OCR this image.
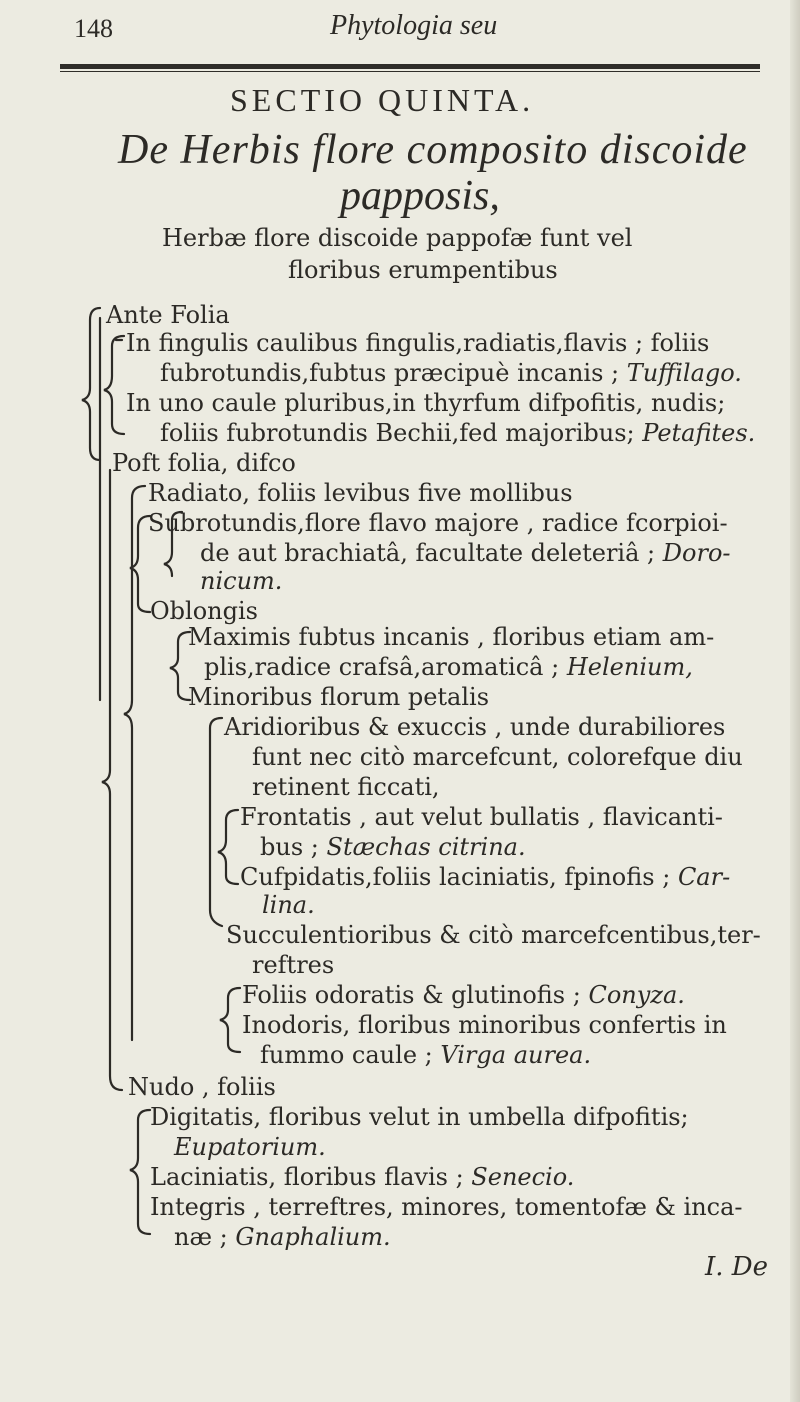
148	Phytologia seu
SECTIO QUINTA.
De Herbis flore composito discoide
papposis,
Herbæ flore discoide pappofæ funt vel
floribus erumpentibus
Ante Folia
In fingulis caulibus fingulis,radiatis,flavis ; foliis
fubrotundis,fubtus præcipuè incanis ; Tuffilago.
In uno caule pluribus,in thyrfum difpofitis, nudis;
foliis fubrotundis Bechii,fed majoribus; Petafites.
Poft folia, difco
Radiato, foliis levibus five mollibus
Subrotundis,flore flavo majore , radice fcorpioi-
de aut brachiatâ, facultate deleteriâ ; Doro-
nicum.
Oblongis
Maximis fubtus incanis , floribus etiam am-
plis,radice crafsâ,aromaticâ ; Helenium,
Minoribus florum petalis
Aridioribus & exuccis , unde durabiliores
funt nec citò marcefcunt, colorefque diu
retinent ficcati,
Frontatis , aut velut bullatis , flavicanti-
bus ; Stæchas citrina.
Cufpidatis,foliis laciniatis, fpinofis ; Car-
lina.
Succulentioribus & citò marcefcentibus,ter-
reftres
Foliis odoratis & glutinofis ; Conyza.
Inodoris, floribus minoribus confertis in
fummo caule ; Virga aurea.
Nudo , foliis
Digitatis, floribus velut in umbella difpofitis;
Eupatorium.
Laciniatis, floribus flavis ; Senecio.
Integris , terreftres, minores, tomentofæ & inca-
næ ; Gnaphalium.
I. De
